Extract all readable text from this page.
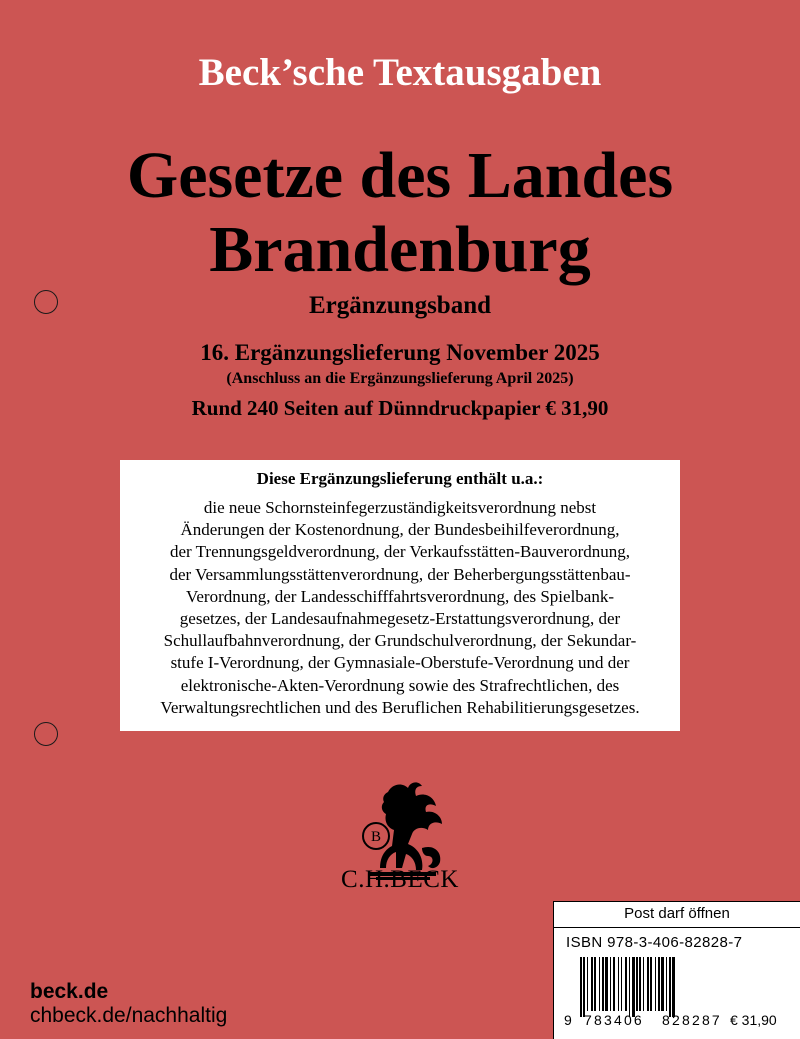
Beck’sche Textausgaben
Gesetze des Landes
Brandenburg
Ergänzungsband
16. Ergänzungslieferung November 2025
(Anschluss an die Ergänzungslieferung April 2025)
Rund 240 Seiten auf Dünndruckpapier € 31,90
Diese Ergänzungslieferung enthält u.a.:
die neue Schornsteinfegerzuständigkeitsverordnung nebst
Änderungen der Kostenordnung, der Bundesbeihilfeverordnung,
der Trennungsgeldverordnung, der Verkaufsstätten-Bauverordnung,
der Versammlungsstättenverordnung, der Beherbergungsstättenbau-
Verordnung, der Landesschifffahrtsverordnung, des Spielbank-
gesetzes, der Landesaufnahmegesetz-Erstattungsverordnung, der
Schullaufbahnverordnung, der Grundschulverordnung, der Sekundar-
stufe I-Verordnung, der Gymnasiale-Oberstufe-Verordnung und der
elektronische-Akten-Verordnung sowie des Strafrechtlichen, des
Verwaltungsrechtlichen und des Beruflichen Rehabilitierungsgesetzes.
B
C.H.BECK
beck.de
chbeck.de/nachhaltig
Post darf öffnen
ISBN 978-3-406-82828-7
9 783406 828287 € 31,90
